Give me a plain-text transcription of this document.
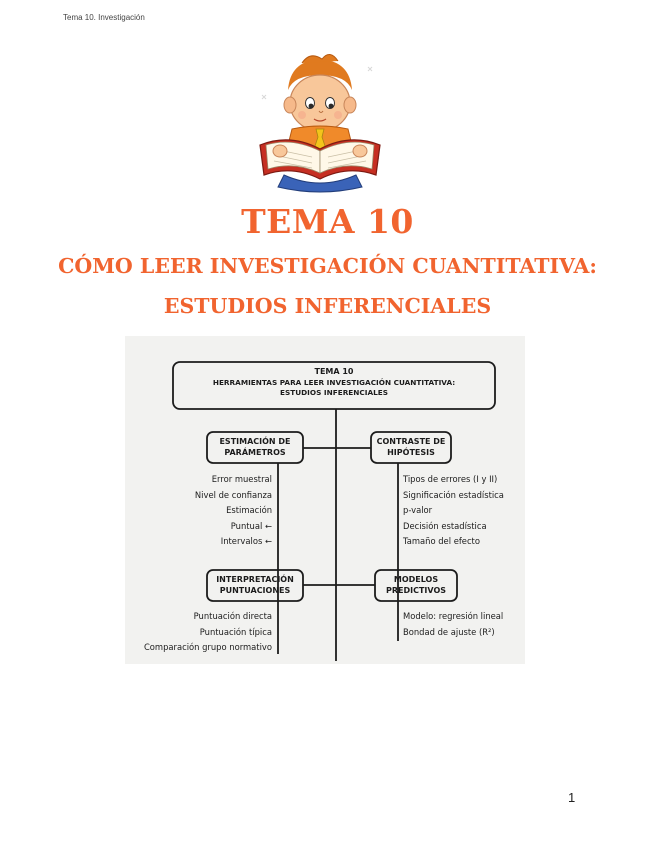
Tema 10. Investigación
TEMA 10
CÓMO LEER INVESTIGACIÓN CUANTITATIVA:
ESTUDIOS INFERENCIALES
TEMA 10
HERRAMIENTAS PARA LEER INVESTIGACIÓN CUANTITATIVA:
ESTUDIOS INFERENCIALES
ESTIMACIÓN DE
PARÁMETROS
CONTRASTE DE
HIPÓTESIS
INTERPRETACIÓN
PUNTUACIONES
MODELOS
PREDICTIVOS
Error muestral
Nivel de confianza
Estimación
Puntual ←
Intervalos ←
Tipos de errores (I y II)
Significación estadística
p-valor
Decisión estadística
Tamaño del efecto
Puntuación directa
Puntuación típica
Comparación grupo normativo
Modelo: regresión lineal
Bondad de ajuste (R²)
1
